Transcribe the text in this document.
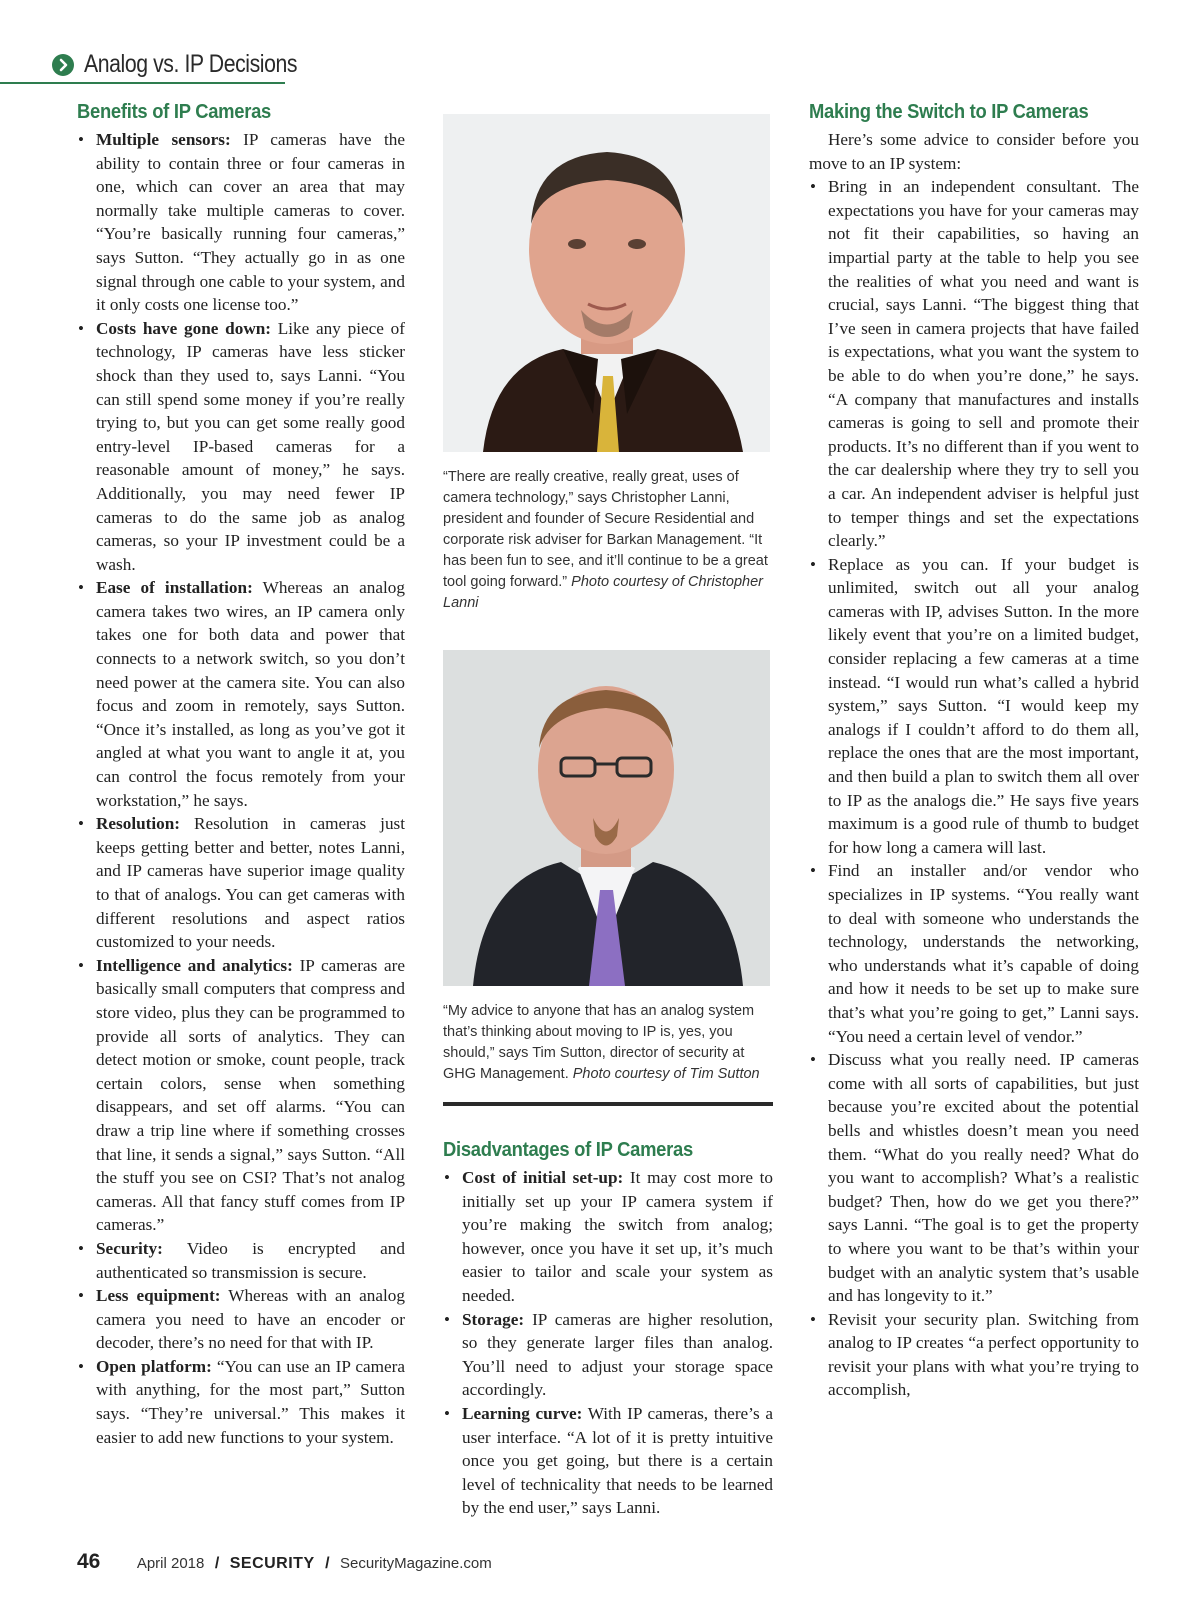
Analog vs. IP Decisions
Benefits of IP Cameras
• Multiple sensors: IP cameras have the ability to contain three or four cameras in one, which can cover an area that may normally take multiple cameras to cover. “You’re basically running four cameras,” says Sutton. “They actually go in as one signal through one cable to your system, and it only costs one license too.”
• Costs have gone down: Like any piece of technology, IP cameras have less sticker shock than they used to, says Lanni. “You can still spend some money if you’re really trying to, but you can get some really good entry-level IP-based cameras for a reasonable amount of money,” he says. Additionally, you may need fewer IP cameras to do the same job as analog cameras, so your IP investment could be a wash.
• Ease of installation: Whereas an analog camera takes two wires, an IP camera only takes one for both data and power that connects to a network switch, so you don’t need power at the camera site. You can also focus and zoom in remotely, says Sutton. “Once it’s installed, as long as you’ve got it angled at what you want to angle it at, you can control the focus remotely from your workstation,” he says.
• Resolution: Resolution in cameras just keeps getting better and better, notes Lanni, and IP cameras have superior image quality to that of analogs. You can get cameras with different resolutions and aspect ratios customized to your needs.
• Intelligence and analytics: IP cameras are basically small computers that compress and store video, plus they can be programmed to provide all sorts of analytics. They can detect motion or smoke, count people, track certain colors, sense when something disappears, and set off alarms. “You can draw a trip line where if something crosses that line, it sends a signal,” says Sutton. “All the stuff you see on CSI? That’s not analog cameras. All that fancy stuff comes from IP cameras.”
• Security: Video is encrypted and authenticated so transmission is secure.
• Less equipment: Whereas with an analog camera you need to have an encoder or decoder, there’s no need for that with IP.
• Open platform: “You can use an IP camera with anything, for the most part,” Sutton says. “They’re universal.” This makes it easier to add new functions to your system.
“There are really creative, really great, uses of camera technology,” says Christopher Lanni, president and founder of Secure Residential and corporate risk adviser for Barkan Management. “It has been fun to see, and it’ll continue to be a great tool going forward.” Photo courtesy of Christopher Lanni
“My advice to anyone that has an analog system that’s thinking about moving to IP is, yes, you should,” says Tim Sutton, director of security at GHG Management. Photo courtesy of Tim Sutton
Disadvantages of IP Cameras
• Cost of initial set-up: It may cost more to initially set up your IP camera system if you’re making the switch from analog; however, once you have it set up, it’s much easier to tailor and scale your system as needed.
• Storage: IP cameras are higher resolution, so they generate larger files than analog. You’ll need to adjust your storage space accordingly.
• Learning curve: With IP cameras, there’s a user interface. “A lot of it is pretty intuitive once you get going, but there is a certain level of technicality that needs to be learned by the end user,” says Lanni.
Making the Switch to IP Cameras

Here’s some advice to consider before you move to an IP system:

• Bring in an independent consultant. The expectations you have for your cameras may not fit their capabilities, so having an impartial party at the table to help you see the realities of what you need and want is crucial, says Lanni. “The biggest thing that I’ve seen in camera projects that have failed is expectations, what you want the system to be able to do when you’re done,” he says. “A company that manufactures and installs cameras is going to sell and promote their products. It’s no different than if you went to the car dealership where they try to sell you a car. An independent adviser is helpful just to temper things and set the expectations clearly.”
• Replace as you can. If your budget is unlimited, switch out all your analog cameras with IP, advises Sutton. In the more likely event that you’re on a limited budget, consider replacing a few cameras at a time instead. “I would run what’s called a hybrid system,” says Sutton. “I would keep my analogs if I couldn’t afford to do them all, replace the ones that are the most important, and then build a plan to switch them all over to IP as the analogs die.” He says five years maximum is a good rule of thumb to budget for how long a camera will last.
• Find an installer and/or vendor who specializes in IP systems. “You really want to deal with someone who understands the technology, understands the networking, who understands what it’s capable of doing and how it needs to be set up to make sure that’s what you’re going to get,” Lanni says. “You need a certain level of vendor.”
• Discuss what you really need. IP cameras come with all sorts of capabilities, but just because you’re excited about the potential bells and whistles doesn’t mean you need them. “What do you really need? What do you want to accomplish? What’s a realistic budget? Then, how do we get you there?” says Lanni. “The goal is to get the property to where you want to be that’s within your budget with an analytic system that’s usable and has longevity to it.”
• Revisit your security plan. Switching from analog to IP creates “a perfect opportunity to revisit your plans with what you’re trying to accomplish,
46 April 2018 / SECURITY / SecurityMagazine.com
